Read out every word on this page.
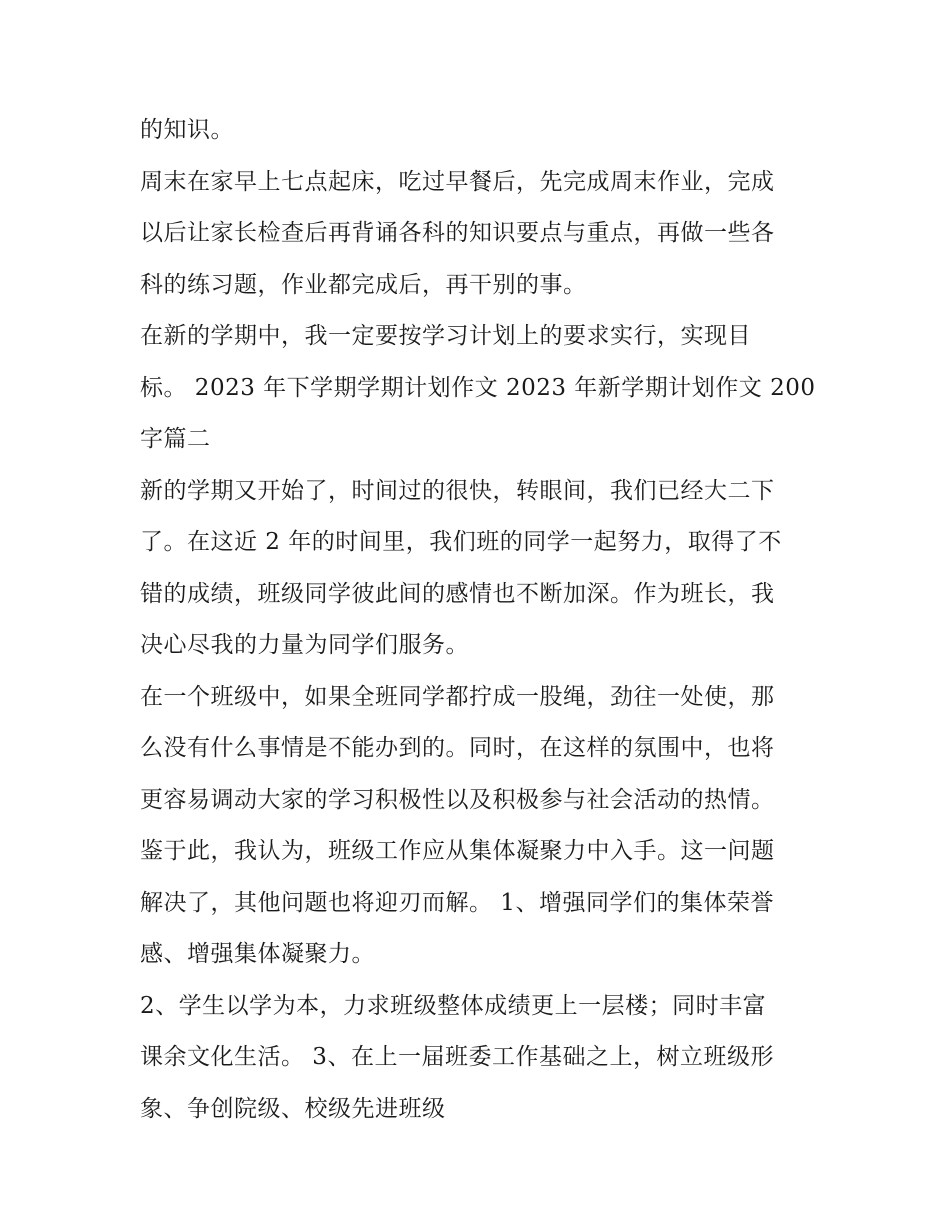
的知识。
周末在家早上七点起床，吃过早餐后，先完成周末作业，完成
以后让家长检查后再背诵各科的知识要点与重点，再做一些各
科的练习题，作业都完成后，再干别的事。
在新的学期中，我一定要按学习计划上的要求实行，实现目
标。 2023 年下学期学期计划作文 2023 年新学期计划作文 200
字篇二
新的学期又开始了，时间过的很快，转眼间，我们已经大二下
了。在这近 2 年的时间里，我们班的同学一起努力，取得了不
错的成绩，班级同学彼此间的感情也不断加深。作为班长，我
决心尽我的力量为同学们服务。
在一个班级中，如果全班同学都拧成一股绳，劲往一处使，那
么没有什么事情是不能办到的。同时，在这样的氛围中，也将
更容易调动大家的学习积极性以及积极参与社会活动的热情。
鉴于此，我认为，班级工作应从集体凝聚力中入手。这一问题
解决了，其他问题也将迎刃而解。 1、增强同学们的集体荣誉
感、增强集体凝聚力。
2、学生以学为本，力求班级整体成绩更上一层楼；同时丰富
课余文化生活。 3、在上一届班委工作基础之上，树立班级形
象、争创院级、校级先进班级
